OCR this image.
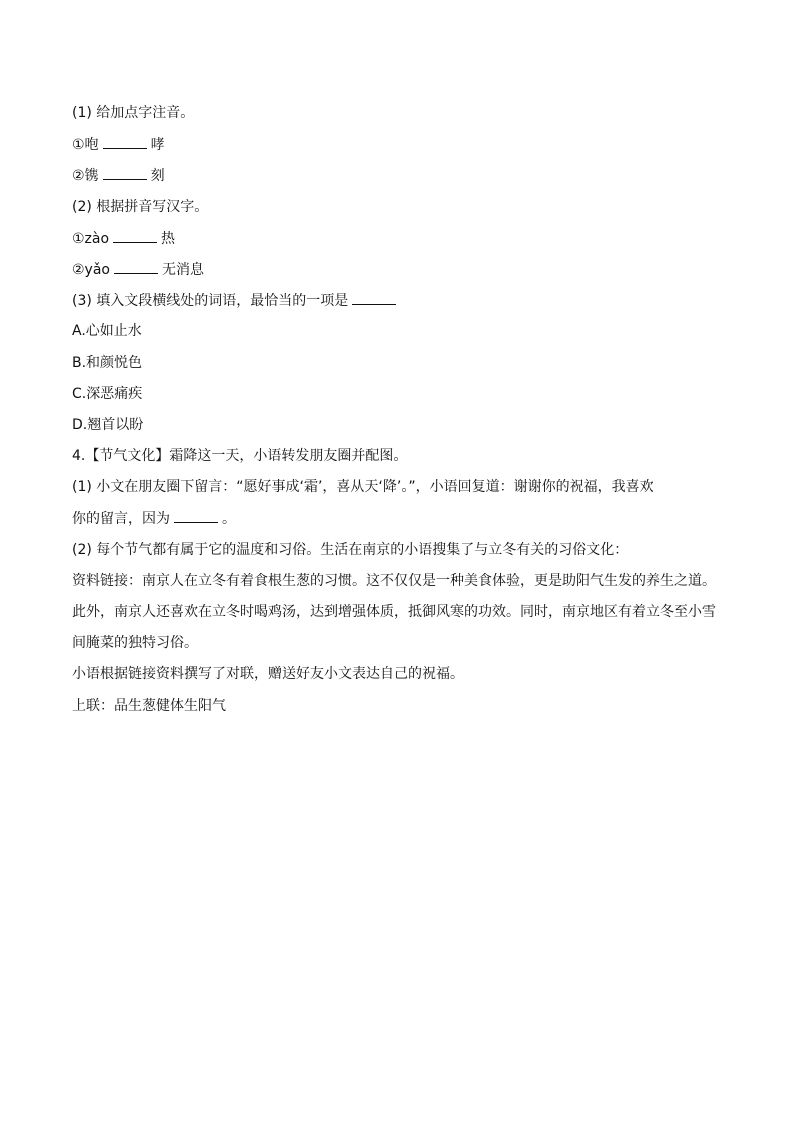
(1) 给加点字注音。
①咆	哮
②镌	刻
(2) 根据拼音写汉字。
①zào	热
②yǎo	无消息
(3) 填入文段横线处的词语，最恰当的一项是
A.心如止水
B.和颜悦色
C.深恶痛疾
D.翘首以盼
4.【节气文化】霜降这一天，小语转发朋友圈并配图。
(1) 小文在朋友圈下留言：“愿好事成‘霜’，喜从天‘降’。”，小语回复道：谢谢你的祝福，我喜欢
你的留言，因为	。
(2) 每个节气都有属于它的温度和习俗。生活在南京的小语搜集了与立冬有关的习俗文化：
资料链接：南京人在立冬有着食根生葱的习惯。这不仅仅是一种美食体验，更是助阳气生发的养生之道。
此外，南京人还喜欢在立冬时喝鸡汤，达到增强体质，抵御风寒的功效。同时，南京地区有着立冬至小雪
间腌菜的独特习俗。
小语根据链接资料撰写了对联，赠送好友小文表达自己的祝福。
上联：品生葱健体生阳气
